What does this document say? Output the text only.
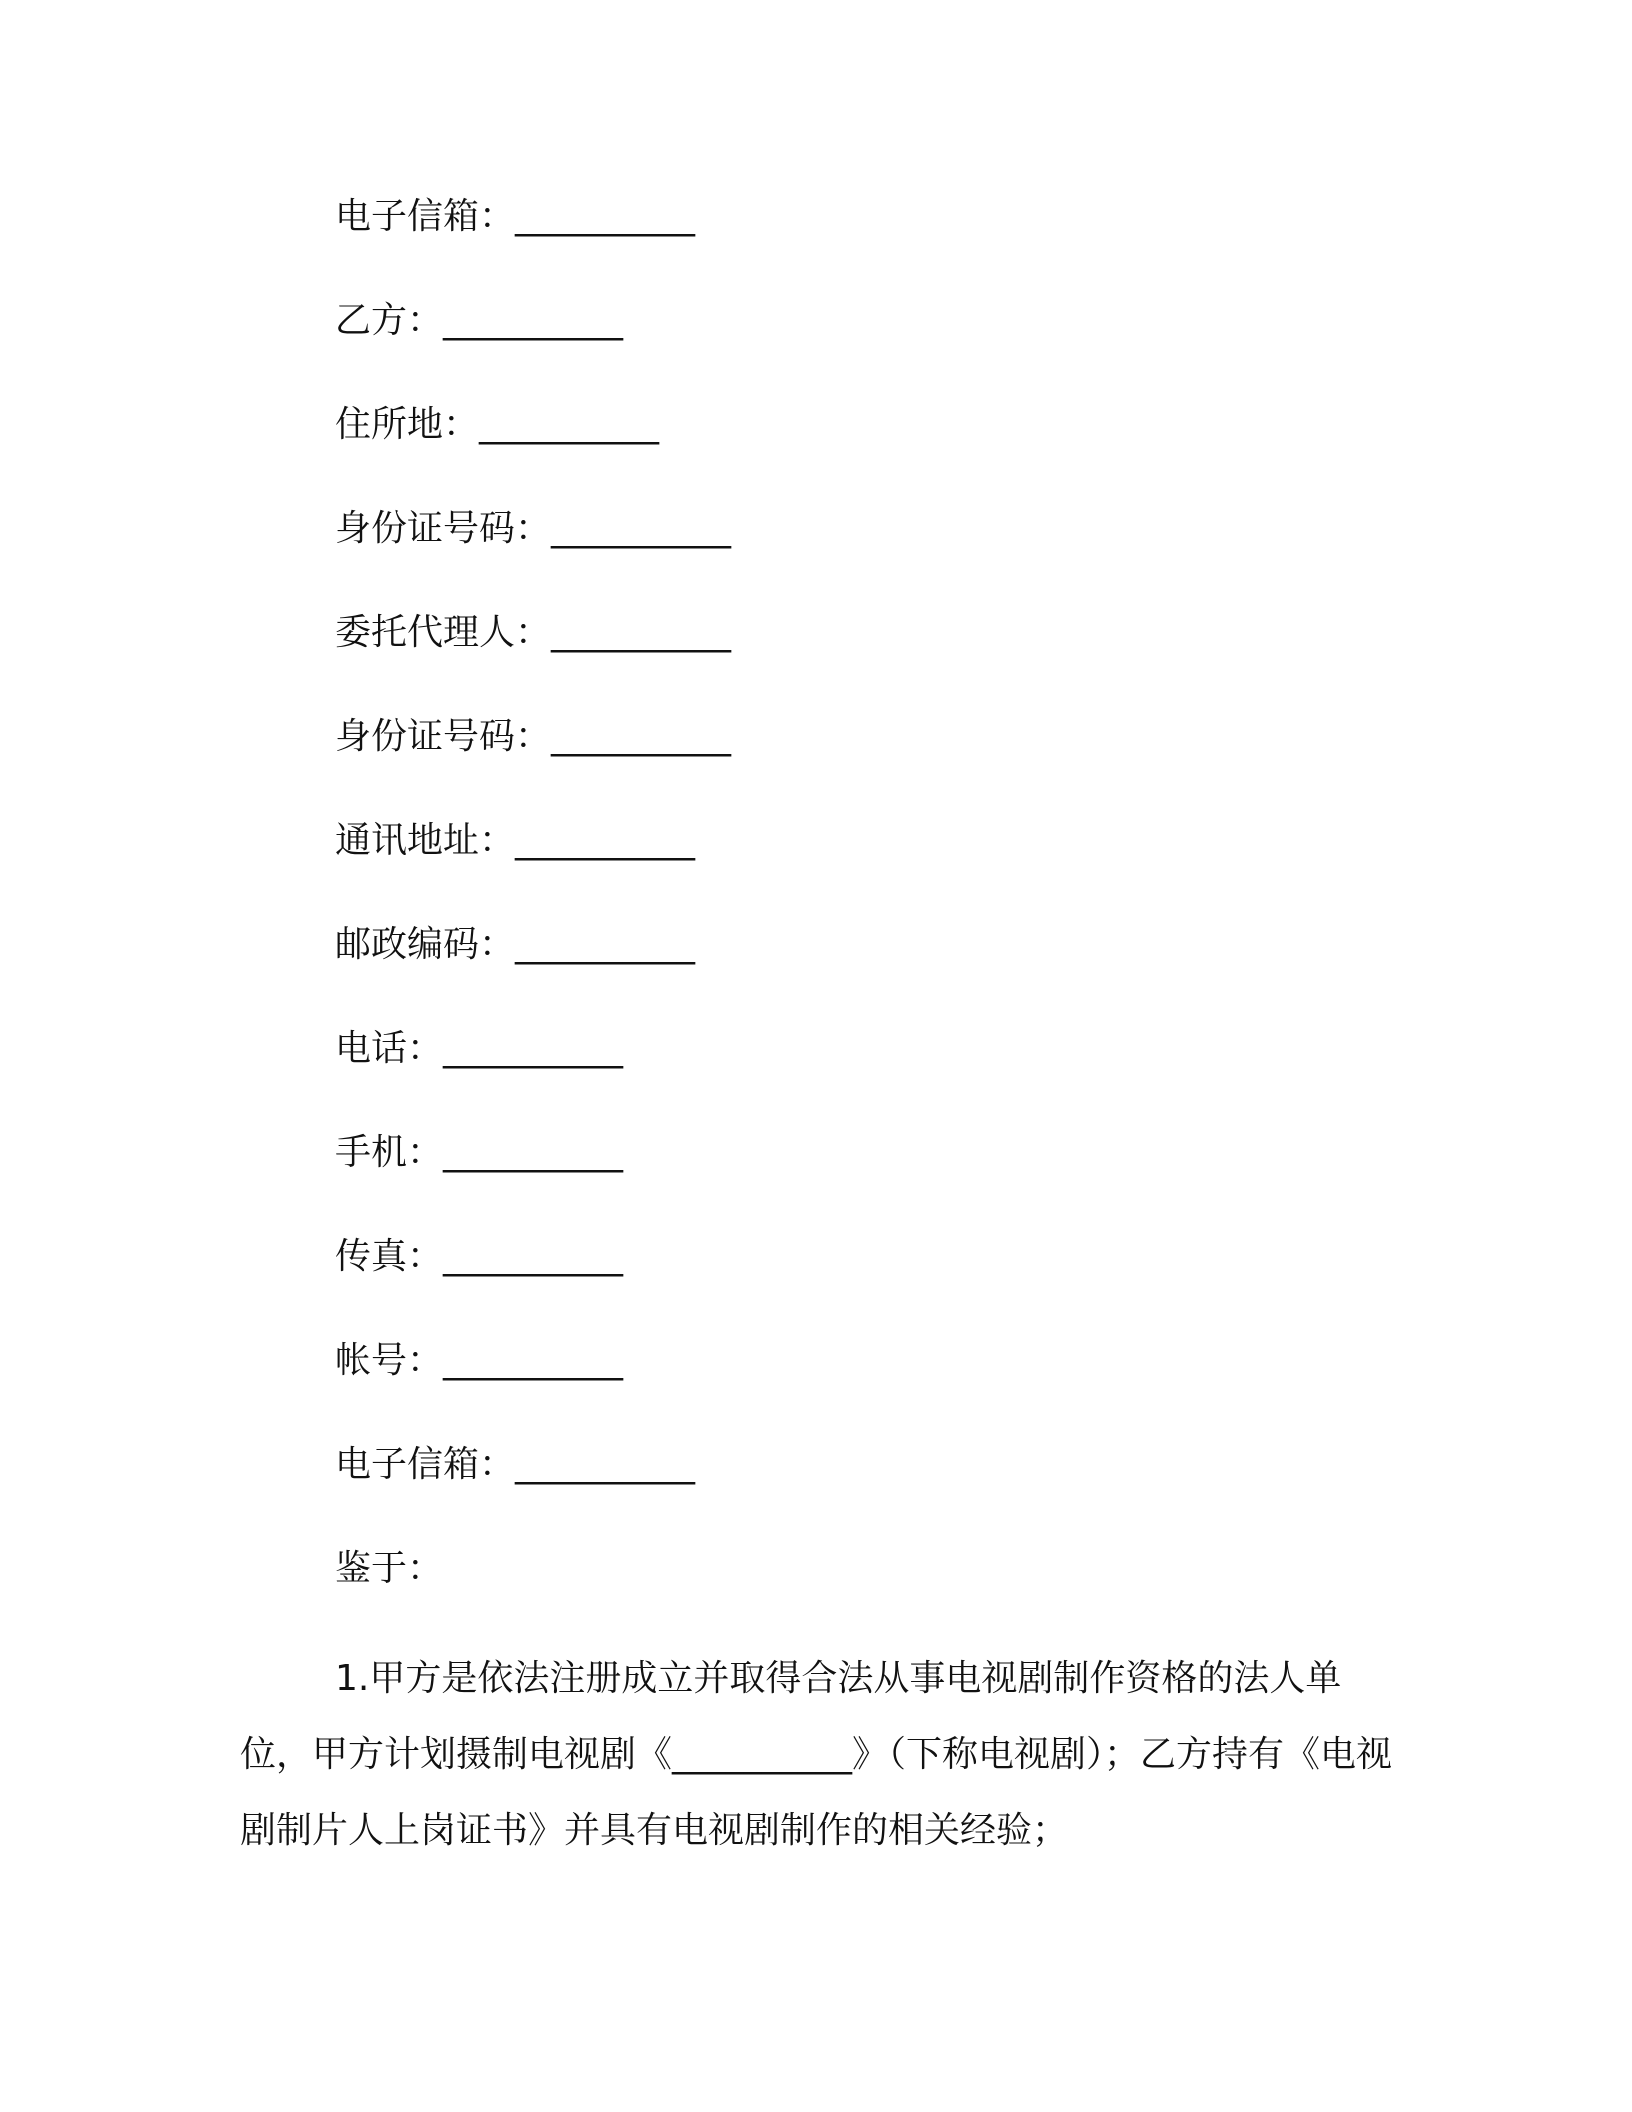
电子信箱：__________
乙方：__________
住所地：__________
身份证号码：__________
委托代理人：__________
身份证号码：__________
通讯地址：__________
邮政编码：__________
电话：__________
手机：__________
传真：__________
帐号：__________
电子信箱：__________
鉴于：
1.甲方是依法注册成立并取得合法从事电视剧制作资格的法人单位，甲方计划摄制电视剧《__________》（下称电视剧）；乙方持有《电视剧制片人上岗证书》并具有电视剧制作的相关经验；
